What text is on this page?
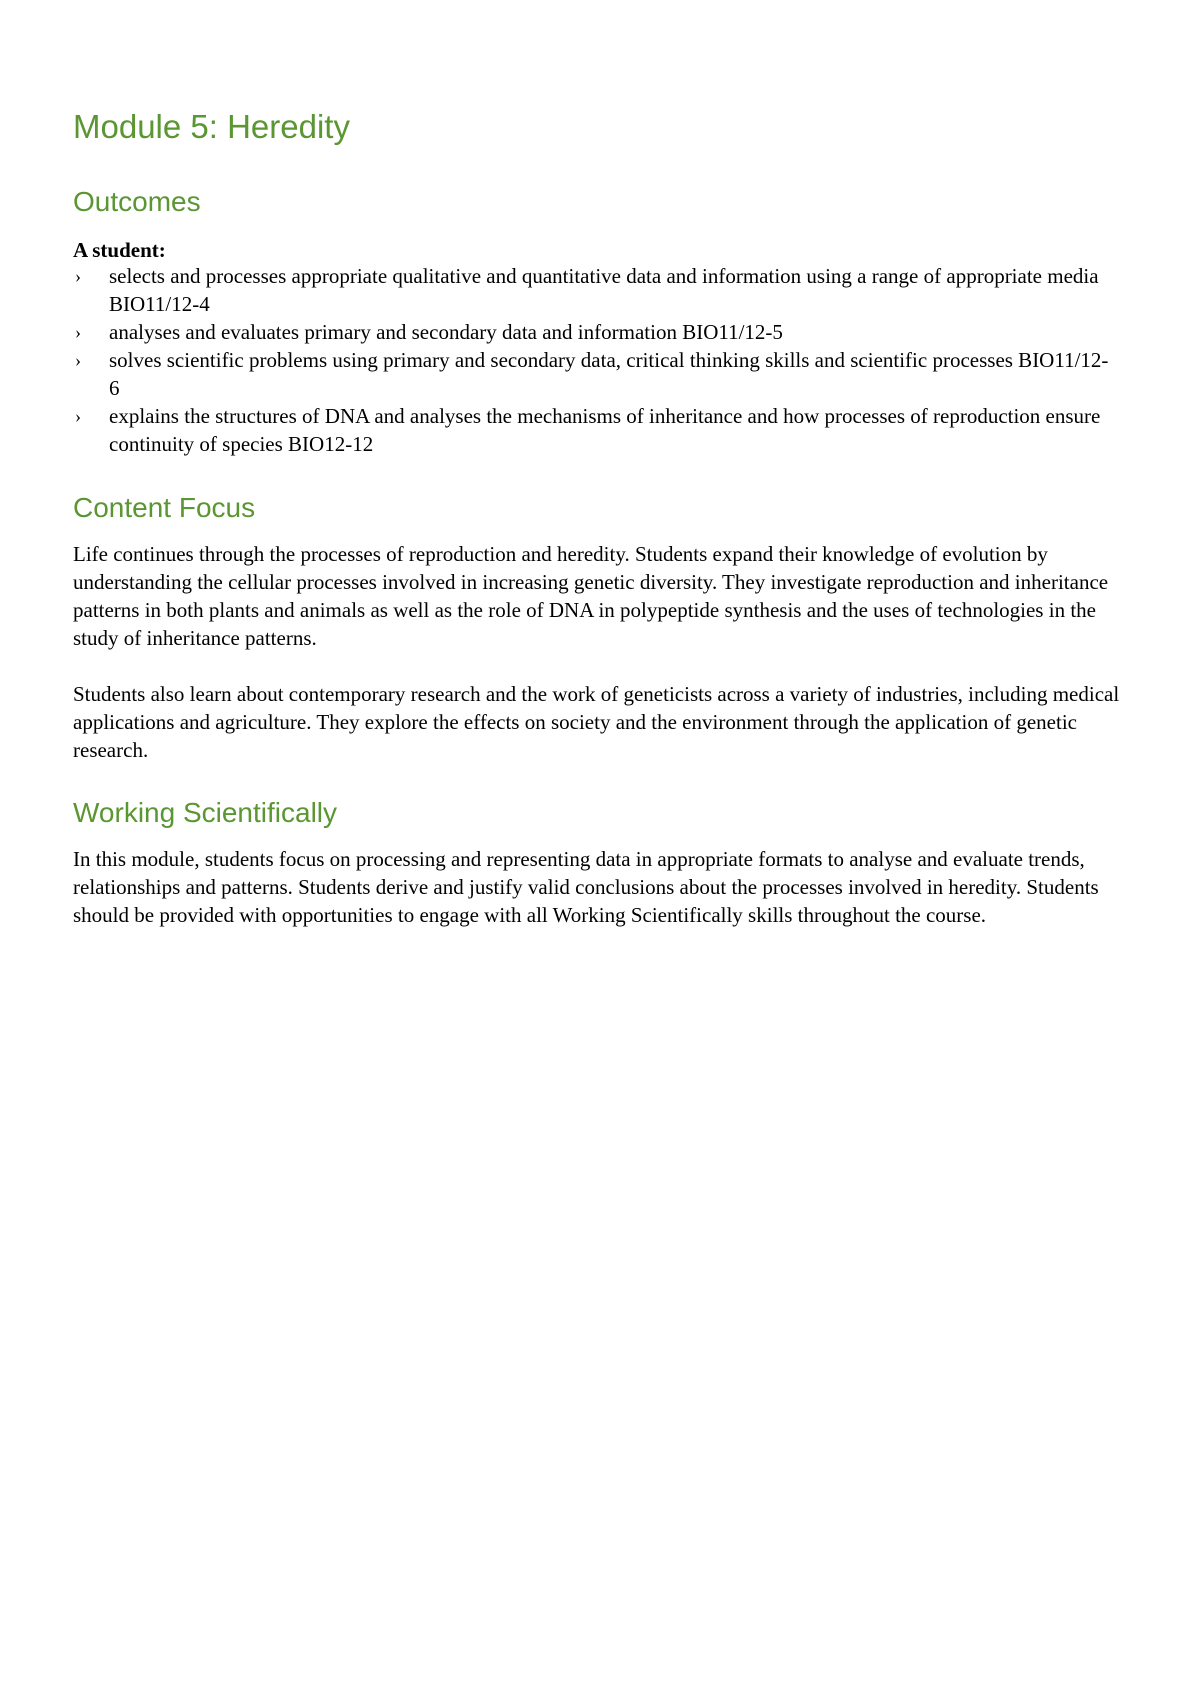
Module 5: Heredity
Outcomes
A student:
› selects and processes appropriate qualitative and quantitative data and information using a range of appropriate media BIO11/12-4
› analyses and evaluates primary and secondary data and information BIO11/12-5
› solves scientific problems using primary and secondary data, critical thinking skills and scientific processes BIO11/12-6
› explains the structures of DNA and analyses the mechanisms of inheritance and how processes of reproduction ensure continuity of species BIO12-12
Content Focus

Life continues through the processes of reproduction and heredity. Students expand their knowledge of evolution by understanding the cellular processes involved in increasing genetic diversity. They investigate reproduction and inheritance patterns in both plants and animals as well as the role of DNA in polypeptide synthesis and the uses of technologies in the study of inheritance patterns.

Students also learn about contemporary research and the work of geneticists across a variety of industries, including medical applications and agriculture. They explore the effects on society and the environment through the application of genetic research.

Working Scientifically

In this module, students focus on processing and representing data in appropriate formats to analyse and evaluate trends, relationships and patterns. Students derive and justify valid conclusions about the processes involved in heredity. Students should be provided with opportunities to engage with all Working Scientifically skills throughout the course.
